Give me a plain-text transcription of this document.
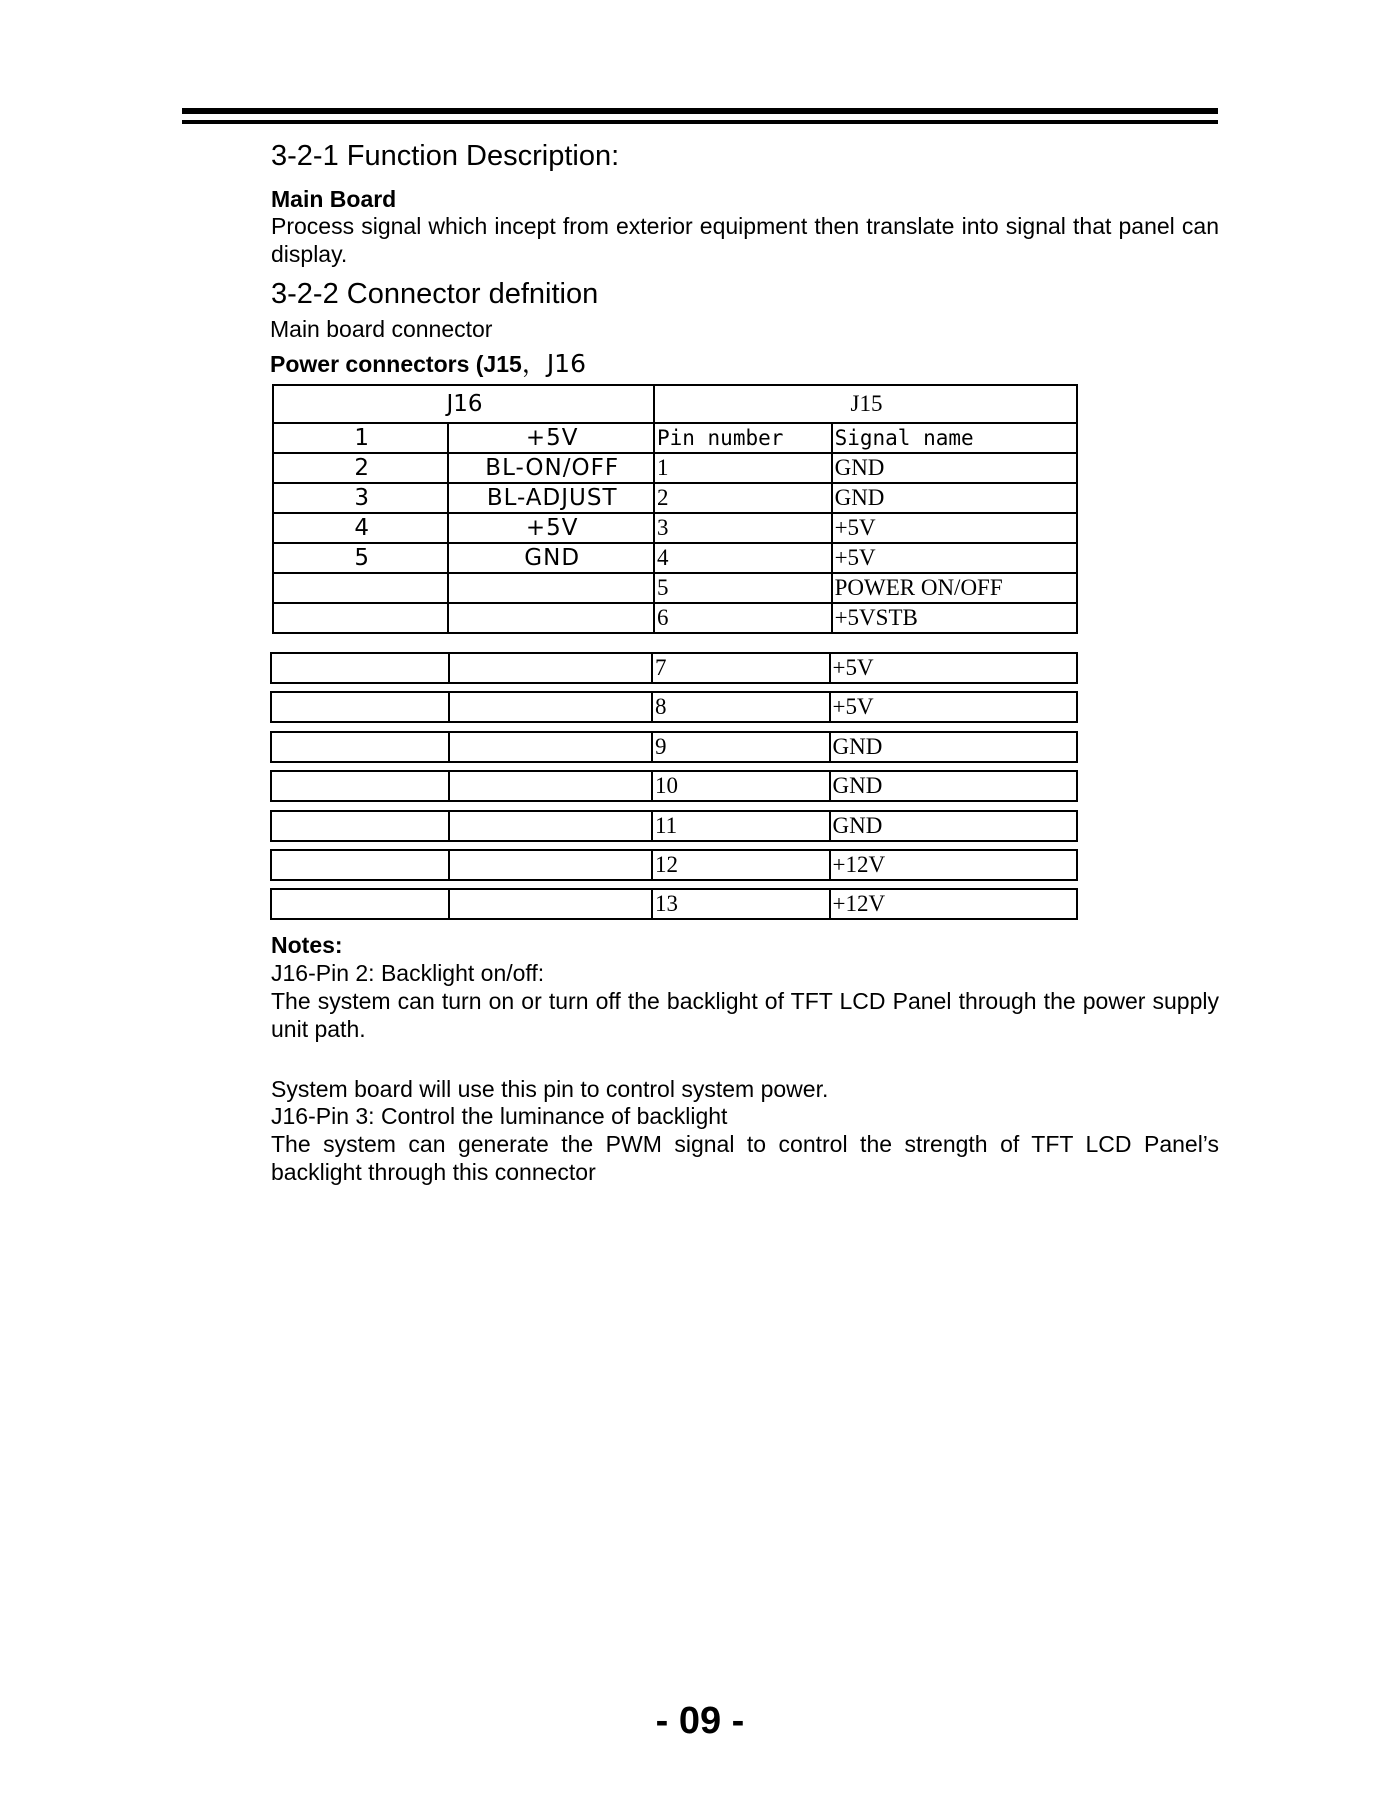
3-2-1 Function Description:
Main Board
Process signal which incept from exterior equipment then translate into signal that panel can display.
3-2-2 Connector defnition
Main board connector
Power connectors (J15，J16
J16		J15	
1	+5V	Pin number	Signal name
2	BL-ON/OFF	1	GND
3	BL-ADJUST	2	GND
4	+5V	3	+5V
5	GND	4	+5V
		5	POWER ON/OFF
		6	+5VSTB
		7	+5V
		8	+5V
		9	GND
		10	GND
		11	GND
		12	+12V
		13	+12V
Notes:
J16-Pin 2: Backlight on/off:
The system can turn on or turn off the backlight of TFT LCD Panel through the power supply unit path.
System board will use this pin to control system power.
J16-Pin 3: Control the luminance of backlight
The system can generate the PWM signal to control the strength of TFT LCD Panel’s backlight through this connector
- 09 -
